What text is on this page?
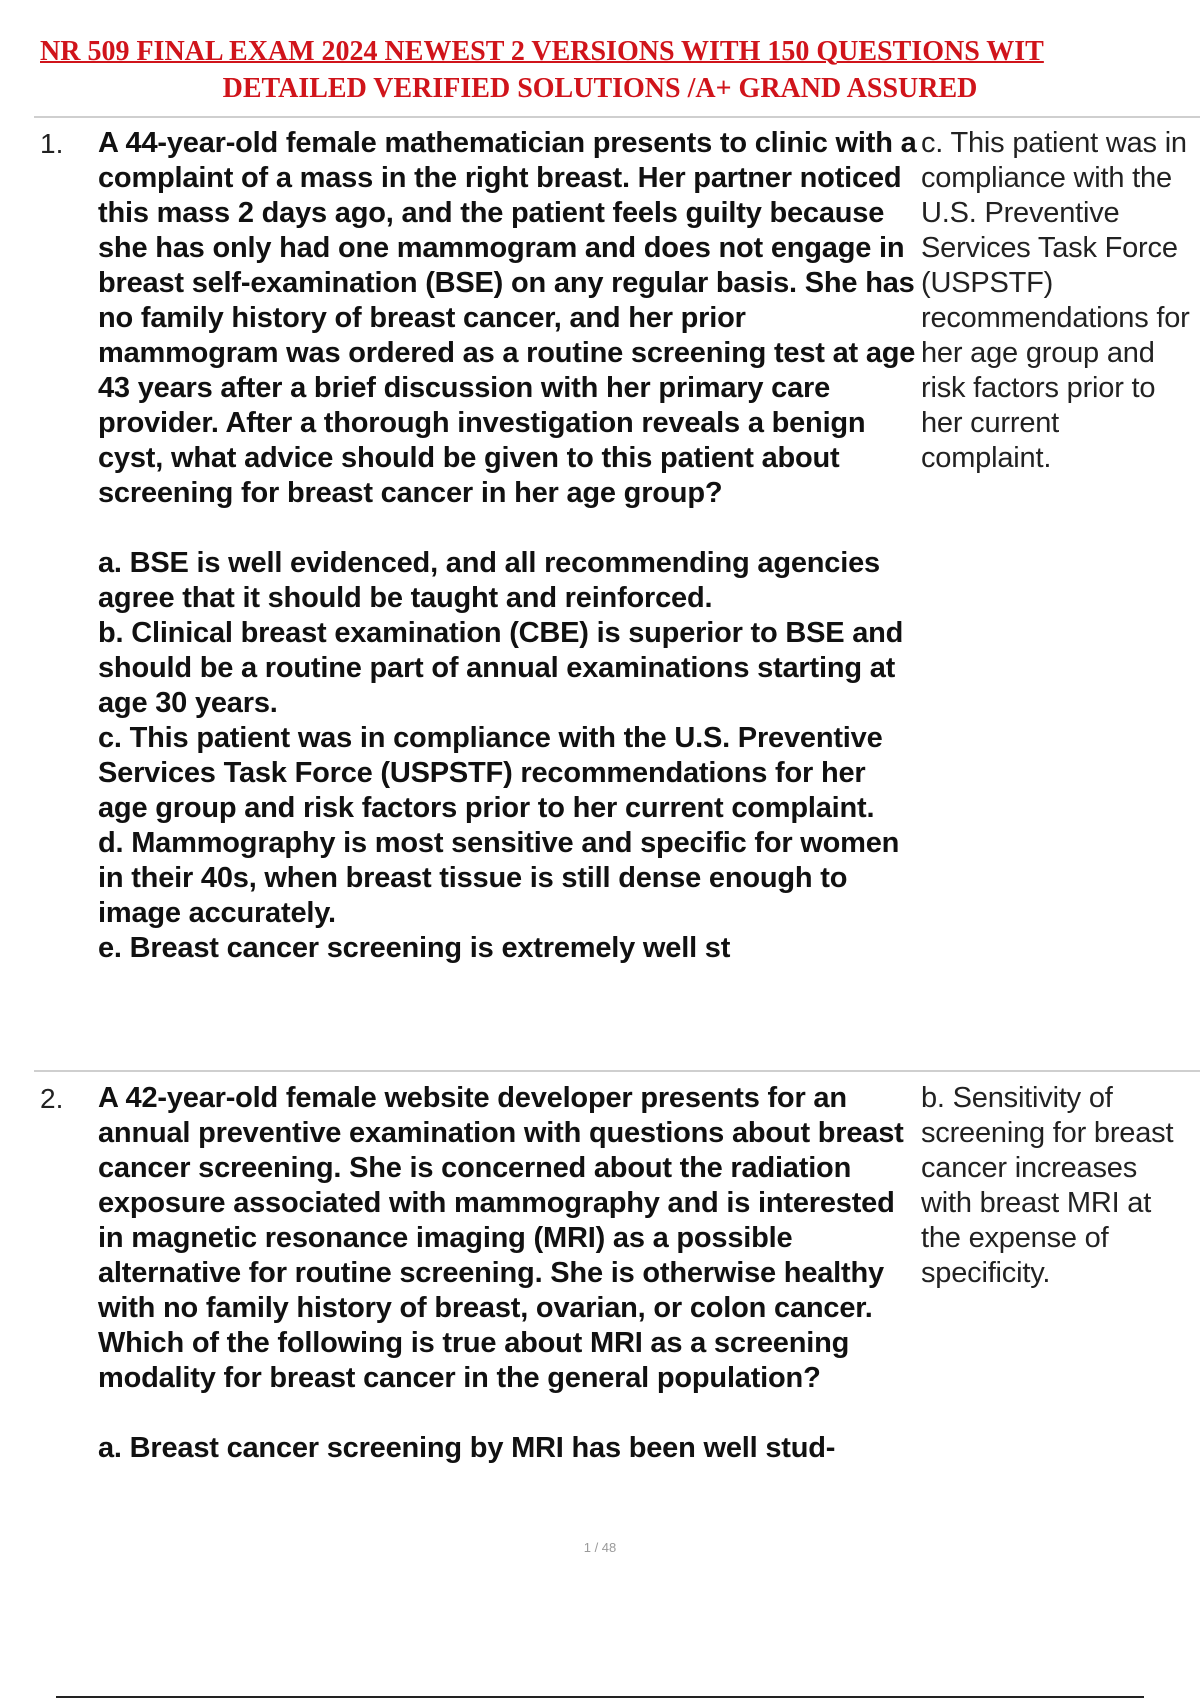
NR 509 FINAL EXAM 2024 NEWEST 2 VERSIONS WITH 150 QUESTIONS WIT
DETAILED VERIFIED SOLUTIONS /A+ GRAND ASSURED
1.	A 44-year-old female mathematician presents to clinic with a complaint of a mass in the right breast. Her partner noticed this mass 2 days ago, and the patient feels guilty because she has only had one mammogram and does not engage in breast self-examination (BSE) on any regular basis. She has no family history of breast cancer, and her prior mammogram was ordered as a routine screening test at age 43 years after a brief discussion with her primary care provider. After a thorough investigation reveals a benign cyst, what advice should be given to this patient about screening for breast cancer in her age group?
a. BSE is well evidenced, and all recommending agencies agree that it should be taught and reinforced.
b. Clinical breast examination (CBE) is superior to BSE and should be a routine part of annual examinations starting at age 30 years.
c. This patient was in compliance with the U.S. Preventive Services Task Force (USPSTF) recommendations for her age group and risk factors prior to her current complaint.
d. Mammography is most sensitive and specific for women in their 40s, when breast tissue is still dense enough to image accurately.
e. Breast cancer screening is extremely well st
c. This patient was in compliance with the U.S. Preventive Services Task Force (USPSTF) recommendations for her age group and risk factors prior to her current complaint.
2.	A 42-year-old female website developer presents for an annual preventive examination with questions about breast cancer screening. She is concerned about the radiation exposure associated with mammography and is interested in magnetic resonance imaging (MRI) as a possible alternative for routine screening. She is otherwise healthy with no family history of breast, ovarian, or colon cancer. Which of the following is true about MRI as a screening modality for breast cancer in the general population?
a. Breast cancer screening by MRI has been well stud-
b. Sensitivity of screening for breast cancer increases with breast MRI at the expense of specificity.
1 / 48
